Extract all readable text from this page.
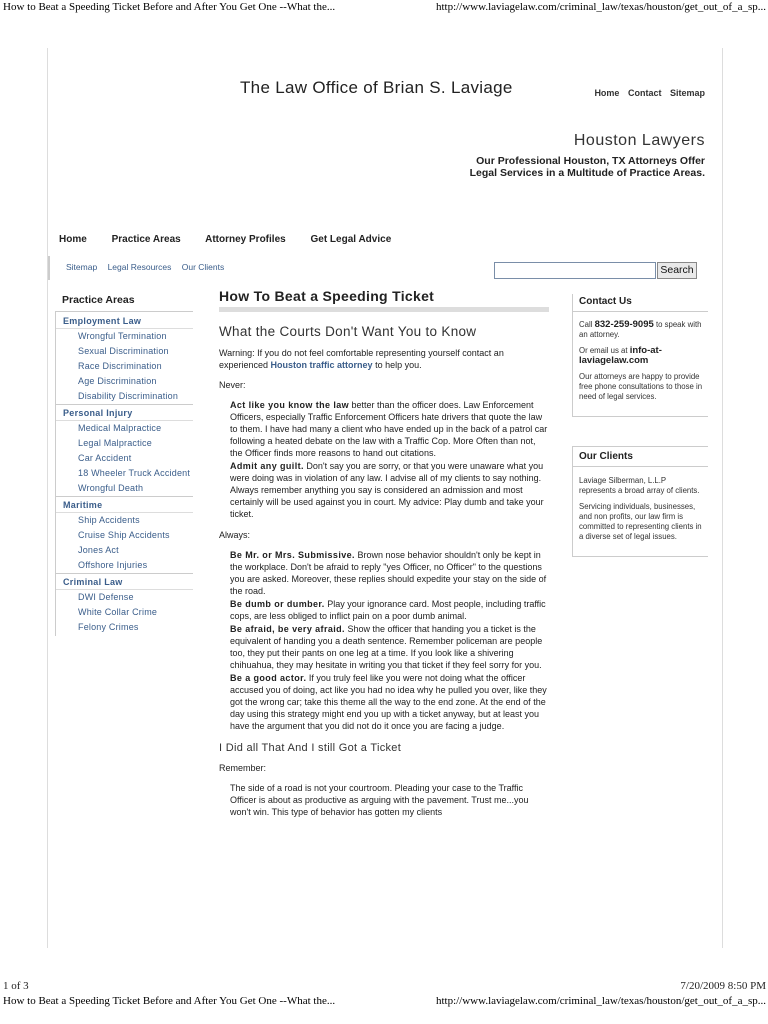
How to Beat a Speeding Ticket Before and After You Get One --What the...	http://www.laviagelaw.com/criminal_law/texas/houston/get_out_of_a_sp...
The Law Office of Brian S. Laviage	Home Contact Sitemap
Houston Lawyers
Our Professional Houston, TX Attorneys Offer Legal Services in a Multitude of Practice Areas.
Home Practice Areas Attorney Profiles Get Legal Advice
Sitemap Legal Resources Our Clients	Search
Practice Areas
Employment Law
Wrongful Termination
Sexual Discrimination
Race Discrimination
Age Discrimination
Disability Discrimination
Personal Injury
Medical Malpractice
Legal Malpractice
Car Accident
18 Wheeler Truck Accident
Wrongful Death
Maritime
Ship Accidents
Cruise Ship Accidents
Jones Act
Offshore Injuries
Criminal Law
DWI Defense
White Collar Crime
Felony Crimes
How To Beat a Speeding Ticket
What the Courts Don't Want You to Know
Warning: If you do not feel comfortable representing yourself contact an experienced Houston traffic attorney to help you.
Never:
Act like you know the law better than the officer does. Law Enforcement Officers, especially Traffic Enforcement Officers hate drivers that quote the law to them. I have had many a client who have ended up in the back of a patrol car following a heated debate on the law with a Traffic Cop. More Often than not, the Officer finds more reasons to hand out citations.
Admit any guilt. Don't say you are sorry, or that you were unaware what you were doing was in violation of any law. I advise all of my clients to say nothing. Always remember anything you say is considered an admission and most certainly will be used against you in court. My advice: Play dumb and take your ticket.
Always:
Be Mr. or Mrs. Submissive. Brown nose behavior shouldn't only be kept in the workplace. Don't be afraid to reply "yes Officer, no Officer" to the questions you are asked. Moreover, these replies should expedite your stay on the side of the road.
Be dumb or dumber. Play your ignorance card. Most people, including traffic cops, are less obliged to inflict pain on a poor dumb animal.
Be afraid, be very afraid. Show the officer that handing you a ticket is the equivalent of handing you a death sentence. Remember policeman are people too, they put their pants on one leg at a time. If you look like a shivering chihuahua, they may hesitate in writing you that ticket if they feel sorry for you.
Be a good actor. If you truly feel like you were not doing what the officer accused you of doing, act like you had no idea why he pulled you over, like they got the wrong car; take this theme all the way to the end zone. At the end of the day using this strategy might end you up with a ticket anyway, but at least you have the argument that you did not do it once you are facing a judge.
I Did all That And I still Got a Ticket
Remember:
The side of a road is not your courtroom. Pleading your case to the Traffic Officer is about as productive as arguing with the pavement. Trust me...you won't win. This type of behavior has gotten my clients
Contact Us

Call 832-259-9095 to speak with an attorney.

Or email us at info-at-laviagelaw.com

Our attorneys are happy to provide free phone consultations to those in need of legal services.

Our Clients

Laviage Silberman, L.L.P represents a broad array of clients.

Servicing individuals, businesses, and non profits, our law firm is committed to representing clients in a diverse set of legal issues.

1 of 3	7/20/2009 8:50 PM
How to Beat a Speeding Ticket Before and After You Get One --What the...	http://www.laviagelaw.com/criminal_law/texas/houston/get_out_of_a_sp...
